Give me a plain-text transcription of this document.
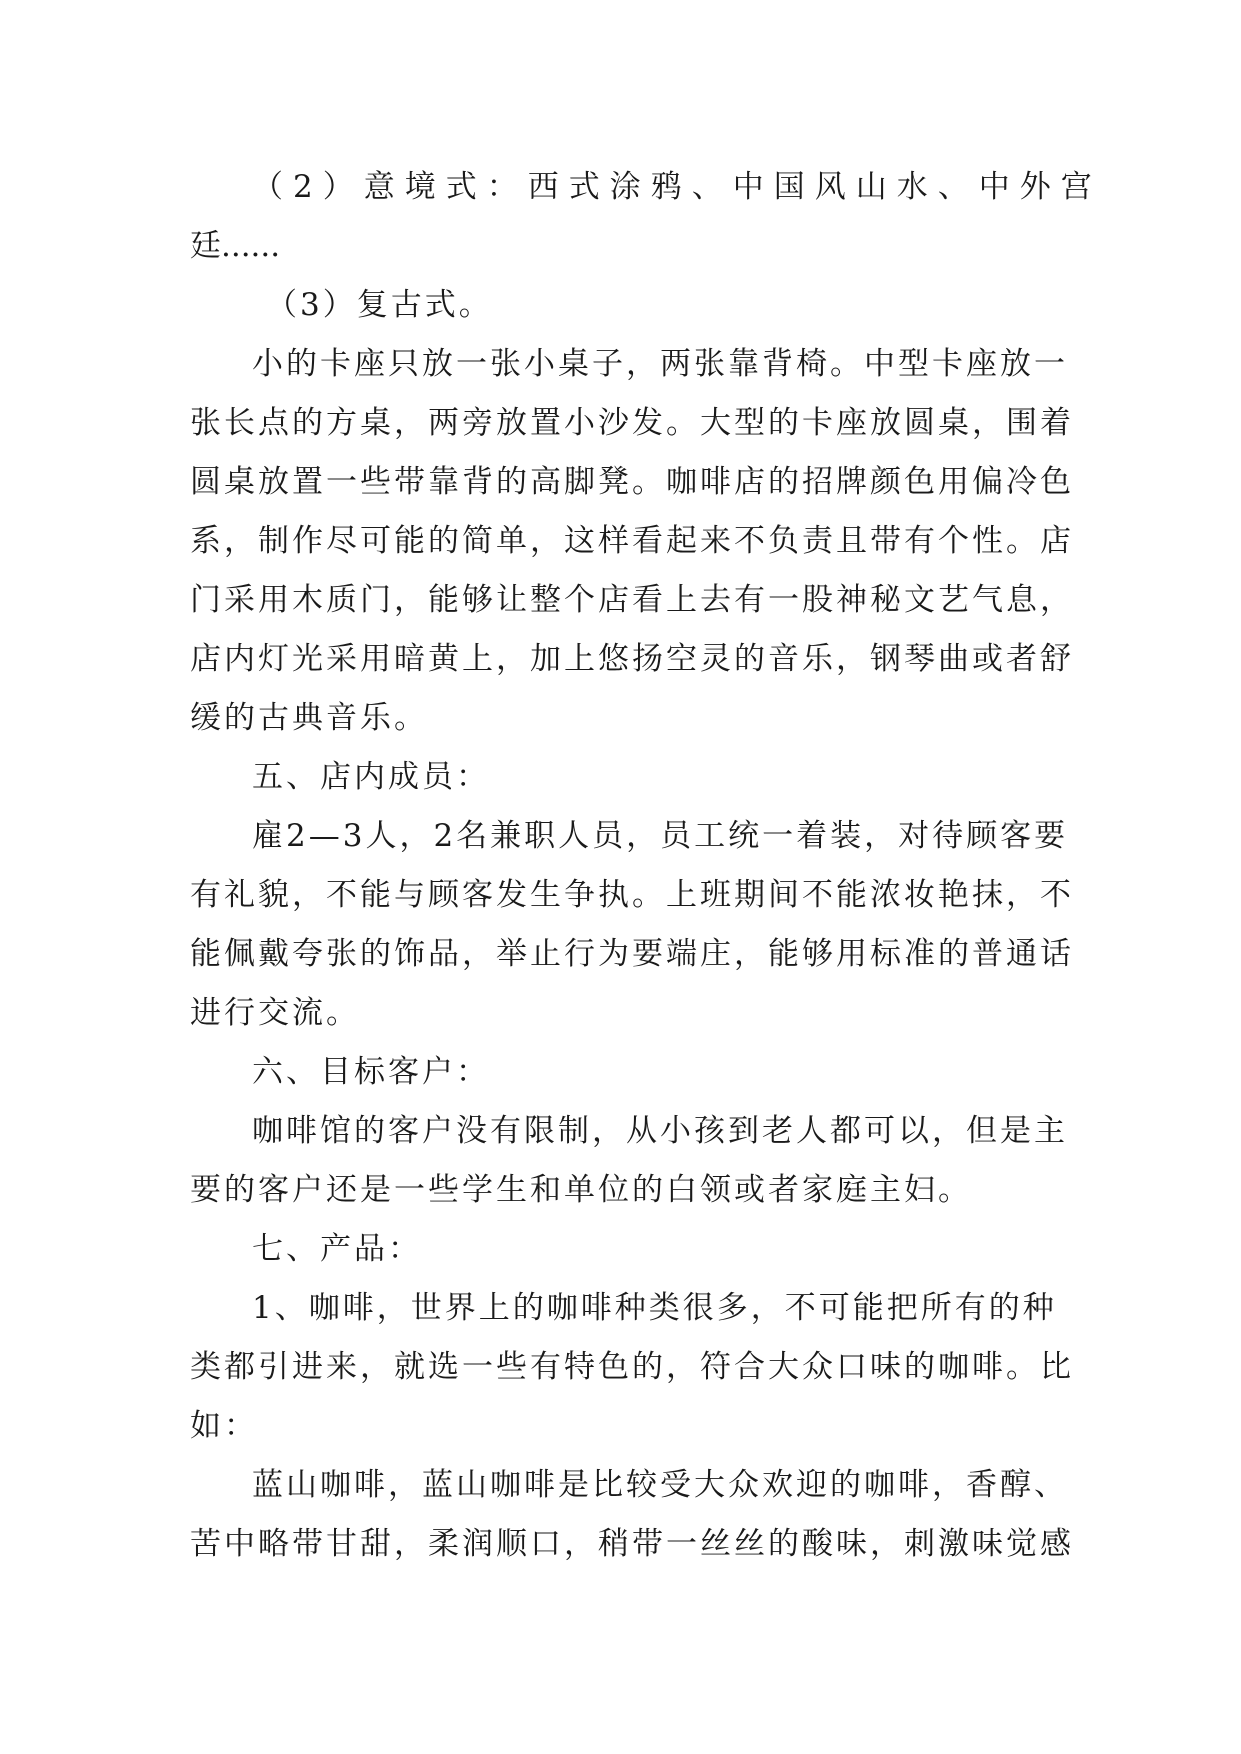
（2）意境式：西式涂鸦、中国风山水、中外宫
廷......
（3）复古式。
小的卡座只放一张小桌子，两张靠背椅。中型卡座放一
张长点的方桌，两旁放置小沙发。大型的卡座放圆桌，围着
圆桌放置一些带靠背的高脚凳。咖啡店的招牌颜色用偏冷色
系，制作尽可能的简单，这样看起来不负责且带有个性。店
门采用木质门，能够让整个店看上去有一股神秘文艺气息，
店内灯光采用暗黄上，加上悠扬空灵的音乐，钢琴曲或者舒
缓的古典音乐。
五、店内成员：
雇2—3人，2名兼职人员，员工统一着装，对待顾客要
有礼貌，不能与顾客发生争执。上班期间不能浓妆艳抹，不
能佩戴夸张的饰品，举止行为要端庄，能够用标准的普通话
进行交流。
六、目标客户：
咖啡馆的客户没有限制，从小孩到老人都可以，但是主
要的客户还是一些学生和单位的白领或者家庭主妇。
七、产品：
1、咖啡，世界上的咖啡种类很多，不可能把所有的种
类都引进来，就选一些有特色的，符合大众口味的咖啡。比
如：
蓝山咖啡，蓝山咖啡是比较受大众欢迎的咖啡，香醇、
苦中略带甘甜，柔润顺口，稍带一丝丝的酸味，刺激味觉感
